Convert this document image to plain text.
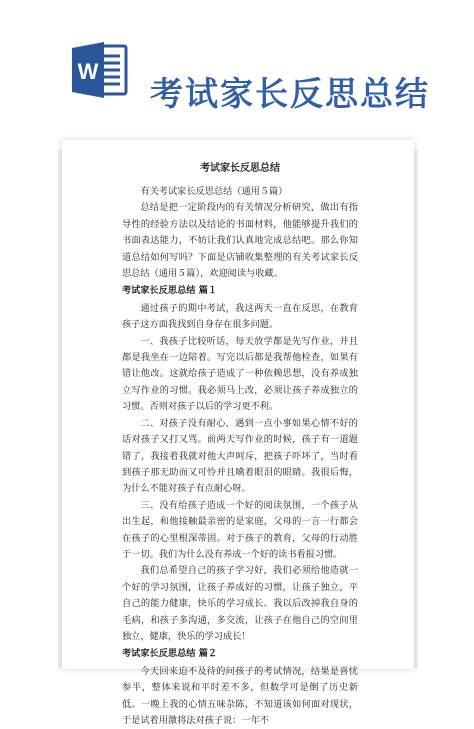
W
考试家长反思总结
考试家长反思总结
有关考试家长反思总结（通用５篇）
总结是把一定阶段内的有关情况分析研究，做出有指导性的经验方法以及结论的书面材料，他能够提升我们的书面表达能力，不妨让我们认真地完成总结吧。那么你知道总结如何写吗？下面是店铺收集整理的有关考试家长反思总结（通用５篇），欢迎阅读与收藏。
考试家长反思总结 篇１
通过孩子的期中考试，我这两天一直在反思，在教育孩子这方面我找到自身存在很多问题。
一、我孩子比较听话，每天放学都是先写作业，并且都是我坐在一边陪着。写完以后都是我帮他检查，如果有错让他改。这就给孩子造成了一种依赖思想，没有养成独立写作业的习惯。我必须马上改，必须让孩子养成独立的习惯。否则对孩子以后的学习更不利。
二、对孩子没有耐心，遇到一点小事如果心情不好的话对孩子又打又骂。前两天写作业的时候，孩子有一道题错了，我接着我就对他大声呵斥，把孩子吓坏了，当时看到孩子那无助而又可怜并且噙着眼泪的眼睛。我很后悔，为什么不能对孩子有点耐心呀。
三、没有给孩子造成一个好的阅读氛围，一个孩子从出生起，和他接触最亲密的是家庭，父母的一言一行都会在孩子的心里根深蒂固。对于孩子的教育，父母的行动胜于一切。我们为什么没有养成一个好的读书看报习惯。
我们总希望自己的孩子学习好，我们必须给他造就一个好的学习氛围，让孩子养成好的习惯，让孩子独立，平自己的能力健康，快乐的学习成长。我以后改掉我自身的毛病，和孩子多沟通，多交流，让孩子在他自己的空间里独立，健康，快乐的学习成长！
考试家长反思总结 篇２
今天回来迫不及待的问孩子的考试情况，结果是喜忧参半，整体来说和平时差不多，但数学可是倒了历史新低。一晚上我的心情五味杂陈，不知道该如何面对现状，于是试着用激将法对孩子说：一年不
